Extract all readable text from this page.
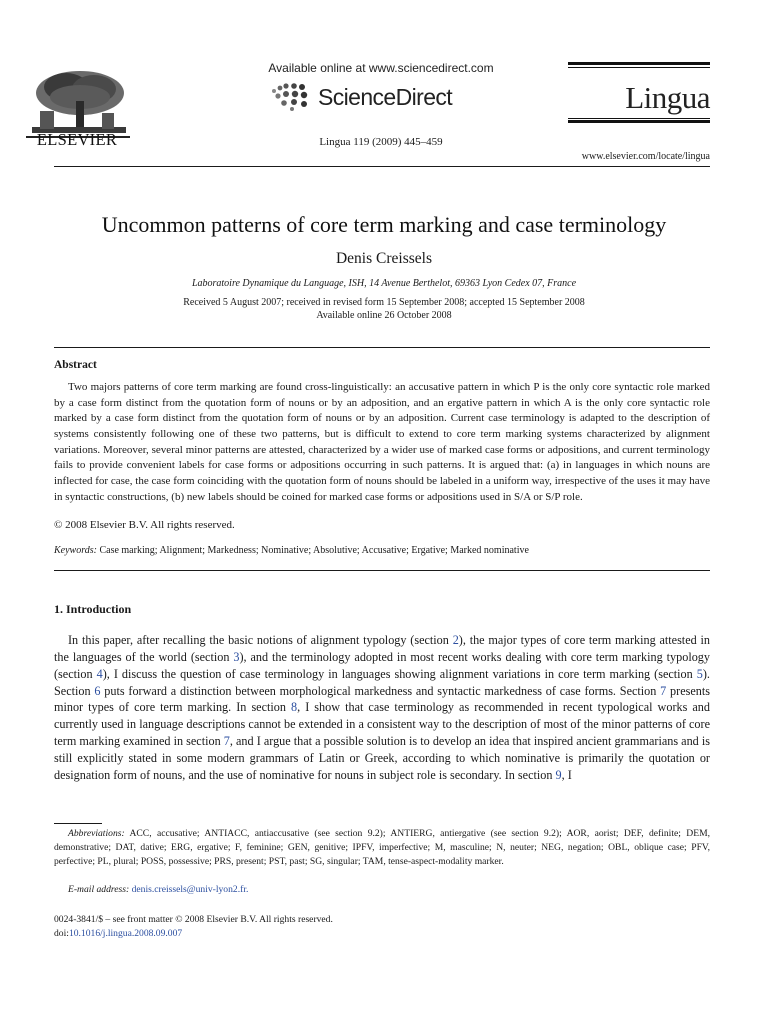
ELSEVIER
Available online at www.sciencedirect.com
ScienceDirect
Lingua 119 (2009) 445–459
Lingua
www.elsevier.com/locate/lingua
Uncommon patterns of core term marking and case terminology
Denis Creissels
Laboratoire Dynamique du Language, ISH, 14 Avenue Berthelot, 69363 Lyon Cedex 07, France
Received 5 August 2007; received in revised form 15 September 2008; accepted 15 September 2008
Available online 26 October 2008
Abstract
Two majors patterns of core term marking are found cross-linguistically: an accusative pattern in which P is the only core syntactic role marked by a case form distinct from the quotation form of nouns or by an adposition, and an ergative pattern in which A is the only core syntactic role marked by a case form distinct from the quotation form of nouns or by an adposition. Current case terminology is adapted to the description of systems consistently following one of these two patterns, but is difficult to extend to core term marking systems characterized by alignment variations. Moreover, several minor patterns are attested, characterized by a wider use of marked case forms or adpositions, and current terminology fails to provide convenient labels for case forms or adpositions occurring in such patterns. It is argued that: (a) in languages in which nouns are inflected for case, the case form coinciding with the quotation form of nouns should be labeled in a uniform way, irrespective of the uses it may have in syntactic constructions, (b) new labels should be coined for marked case forms or adpositions used in S/A or S/P role.
© 2008 Elsevier B.V. All rights reserved.
Keywords: Case marking; Alignment; Markedness; Nominative; Absolutive; Accusative; Ergative; Marked nominative
1. Introduction
In this paper, after recalling the basic notions of alignment typology (section 2), the major types of core term marking attested in the languages of the world (section 3), and the terminology adopted in most recent works dealing with core term marking typology (section 4), I discuss the question of case terminology in languages showing alignment variations in core term marking (section 5). Section 6 puts forward a distinction between morphological markedness and syntactic markedness of case forms. Section 7 presents minor types of core term marking. In section 8, I show that case terminology as recommended in recent typological works and currently used in language descriptions cannot be extended in a consistent way to the description of most of the minor patterns of core term marking examined in section 7, and I argue that a possible solution is to develop an idea that inspired ancient grammarians and is still explicitly stated in some modern grammars of Latin or Greek, according to which nominative is primarily the quotation or designation form of nouns, and the use of nominative for nouns in subject role is secondary. In section 9, I
Abbreviations: ACC, accusative; ANTIACC, antiaccusative (see section 9.2); ANTIERG, antiergative (see section 9.2); AOR, aorist; DEF, definite; DEM, demonstrative; DAT, dative; ERG, ergative; F, feminine; GEN, genitive; IPFV, imperfective; M, masculine; N, neuter; NEG, negation; OBL, oblique case; PFV, perfective; PL, plural; POSS, possessive; PRS, present; PST, past; SG, singular; TAM, tense-aspect-modality marker.
E-mail address: denis.creissels@univ-lyon2.fr.
0024-3841/$ – see front matter © 2008 Elsevier B.V. All rights reserved.
doi:10.1016/j.lingua.2008.09.007
